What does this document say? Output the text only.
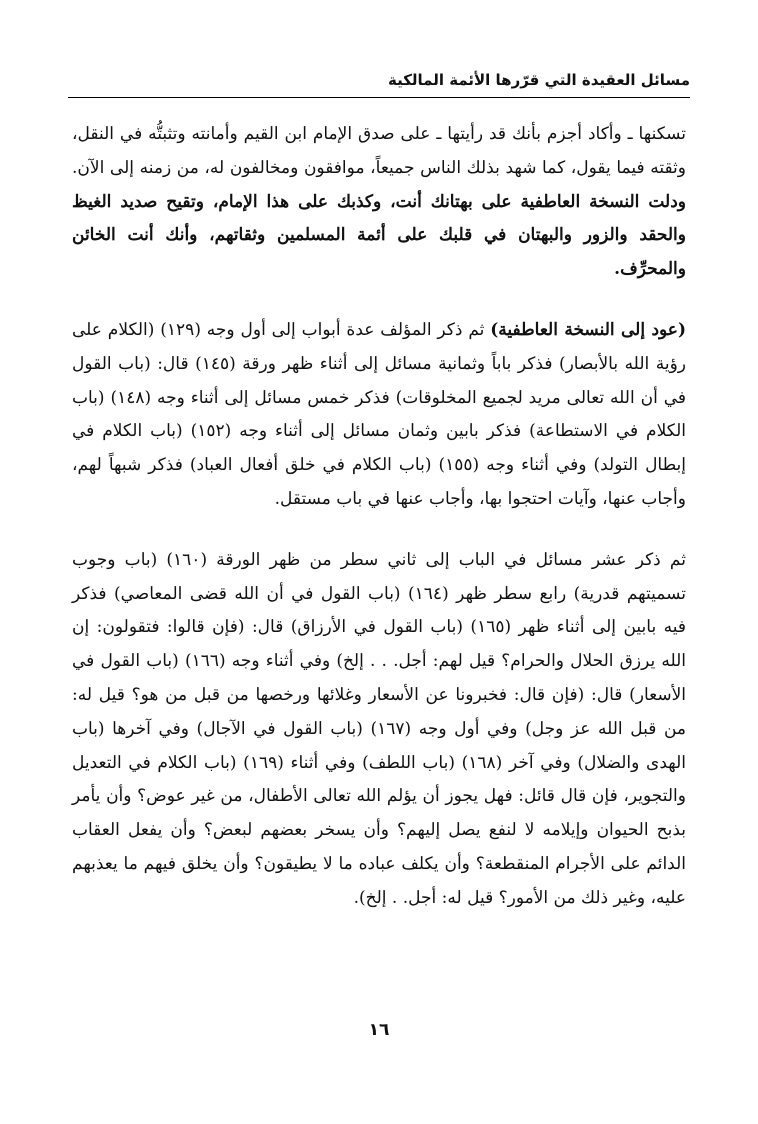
مسائل العقيدة التي قرّرها الأئمة المالكية

تسكنها ـ وأكاد أجزم بأنك قد رأيتها ـ على صدق الإمام ابن القيم وأمانته وتثبتُّه في النقل، وثقته فيما يقول، كما شهد بذلك الناس جميعاً، موافقون ومخالفون له، من زمنه إلى الآن. ودلت النسخة العاطفية على بهتانك أنت، وكذبك على هذا الإمام، وتقيح صديد الغيظ والحقد والزور والبهتان في قلبك على أئمة المسلمين وثقاتهم، وأنك أنت الخائن والمحرِّف.

(عود إلى النسخة العاطفية) ثم ذكر المؤلف عدة أبواب إلى أول وجه (١٢٩) (الكلام على رؤية الله بالأبصار) فذكر باباً وثمانية مسائل إلى أثناء ظهر ورقة (١٤٥) قال: (باب القول في أن الله تعالى مريد لجميع المخلوقات) فذكر خمس مسائل إلى أثناء وجه (١٤٨) (باب الكلام في الاستطاعة) فذكر بابين وثمان مسائل إلى أثناء وجه (١٥٢) (باب الكلام في إبطال التولد) وفي أثناء وجه (١٥٥) (باب الكلام في خلق أفعال العباد) فذكر شبهاً لهم، وأجاب عنها، وآيات احتجوا بها، وأجاب عنها في باب مستقل.

ثم ذكر عشر مسائل في الباب إلى ثاني سطر من ظهر الورقة (١٦٠) (باب وجوب تسميتهم قدرية) رابع سطر ظهر (١٦٤) (باب القول في أن الله قضى المعاصي) فذكر فيه بابين إلى أثناء ظهر (١٦٥) (باب القول في الأرزاق) قال: (فإن قالوا: فتقولون: إن الله يرزق الحلال والحرام؟ قيل لهم: أجل. . . إلخ) وفي أثناء وجه (١٦٦) (باب القول في الأسعار) قال: (فإن قال: فخبرونا عن الأسعار وغلائها ورخصها من قبل من هو؟ قيل له: من قبل الله عز وجل) وفي أول وجه (١٦٧) (باب القول في الآجال) وفي آخرها (باب الهدى والضلال) وفي آخر (١٦٨) (باب اللطف) وفي أثناء (١٦٩) (باب الكلام في التعديل والتجوير، فإن قال قائل: فهل يجوز أن يؤلم الله تعالى الأطفال، من غير عوض؟ وأن يأمر بذبح الحيوان وإيلامه لا لنفع يصل إليهم؟ وأن يسخر بعضهم لبعض؟ وأن يفعل العقاب الدائم على الأجرام المنقطعة؟ وأن يكلف عباده ما لا يطيقون؟ وأن يخلق فيهم ما يعذبهم عليه، وغير ذلك من الأمور؟ قيل له: أجل. . إلخ).

١٦
